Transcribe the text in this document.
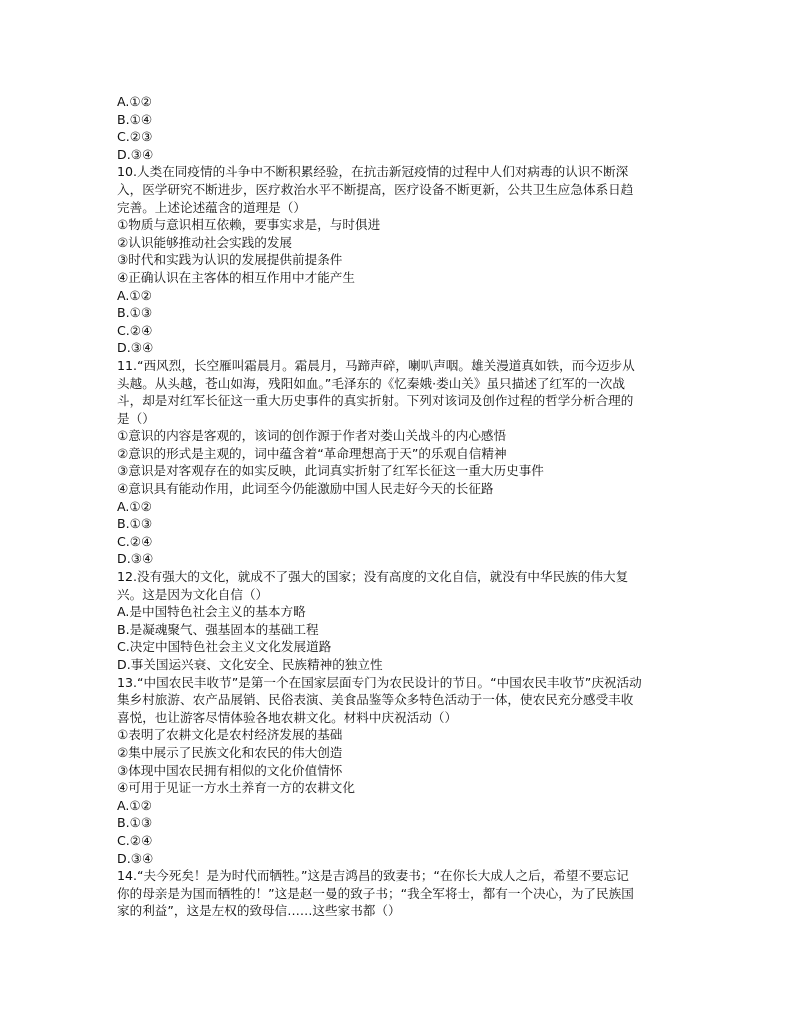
A.①②
B.①④
C.②③
D.③④
10.人类在同疫情的斗争中不断积累经验，在抗击新冠疫情的过程中人们对病毒的认识不断深
入，医学研究不断进步，医疗救治水平不断提高，医疗设备不断更新，公共卫生应急体系日趋
完善。上述论述蕴含的道理是（）
①物质与意识相互依赖，要事实求是，与时俱进
②认识能够推动社会实践的发展
③时代和实践为认识的发展提供前提条件
④正确认识在主客体的相互作用中才能产生
A.①②
B.①③
C.②④
D.③④
11.“西风烈，长空雁叫霜晨月。霜晨月，马蹄声碎，喇叭声咽。雄关漫道真如铁，而今迈步从
头越。从头越，苍山如海，残阳如血。”毛泽东的《忆秦娥·娄山关》虽只描述了红军的一次战
斗，却是对红军长征这一重大历史事件的真实折射。下列对该词及创作过程的哲学分析合理的
是（）
①意识的内容是客观的，该词的创作源于作者对娄山关战斗的内心感悟
②意识的形式是主观的，词中蕴含着“革命理想高于天”的乐观自信精神
③意识是对客观存在的如实反映，此词真实折射了红军长征这一重大历史事件
④意识具有能动作用，此词至今仍能激励中国人民走好今天的长征路
A.①②
B.①③
C.②④
D.③④
12.没有强大的文化，就成不了强大的国家；没有高度的文化自信，就没有中华民族的伟大复
兴。这是因为文化自信（）
A.是中国特色社会主义的基本方略
B.是凝魂聚气、强基固本的基础工程
C.决定中国特色社会主义文化发展道路
D.事关国运兴衰、文化安全、民族精神的独立性
13.“中国农民丰收节”是第一个在国家层面专门为农民设计的节日。“中国农民丰收节”庆祝活动
集乡村旅游、农产品展销、民俗表演、美食品鉴等众多特色活动于一体，使农民充分感受丰收
喜悦，也让游客尽情体验各地农耕文化。材料中庆祝活动（）
①表明了农耕文化是农村经济发展的基础
②集中展示了民族文化和农民的伟大创造
③体现中国农民拥有相似的文化价值情怀
④可用于见证一方水土养育一方的农耕文化
A.①②
B.①③
C.②④
D.③④
14.“夫今死矣！是为时代而牺牲。”这是吉鸿昌的致妻书；“在你长大成人之后，希望不要忘记
你的母亲是为国而牺牲的！”这是赵一曼的致子书；“我全军将士，都有一个决心，为了民族国
家的利益”，这是左权的致母信……这些家书都（）
